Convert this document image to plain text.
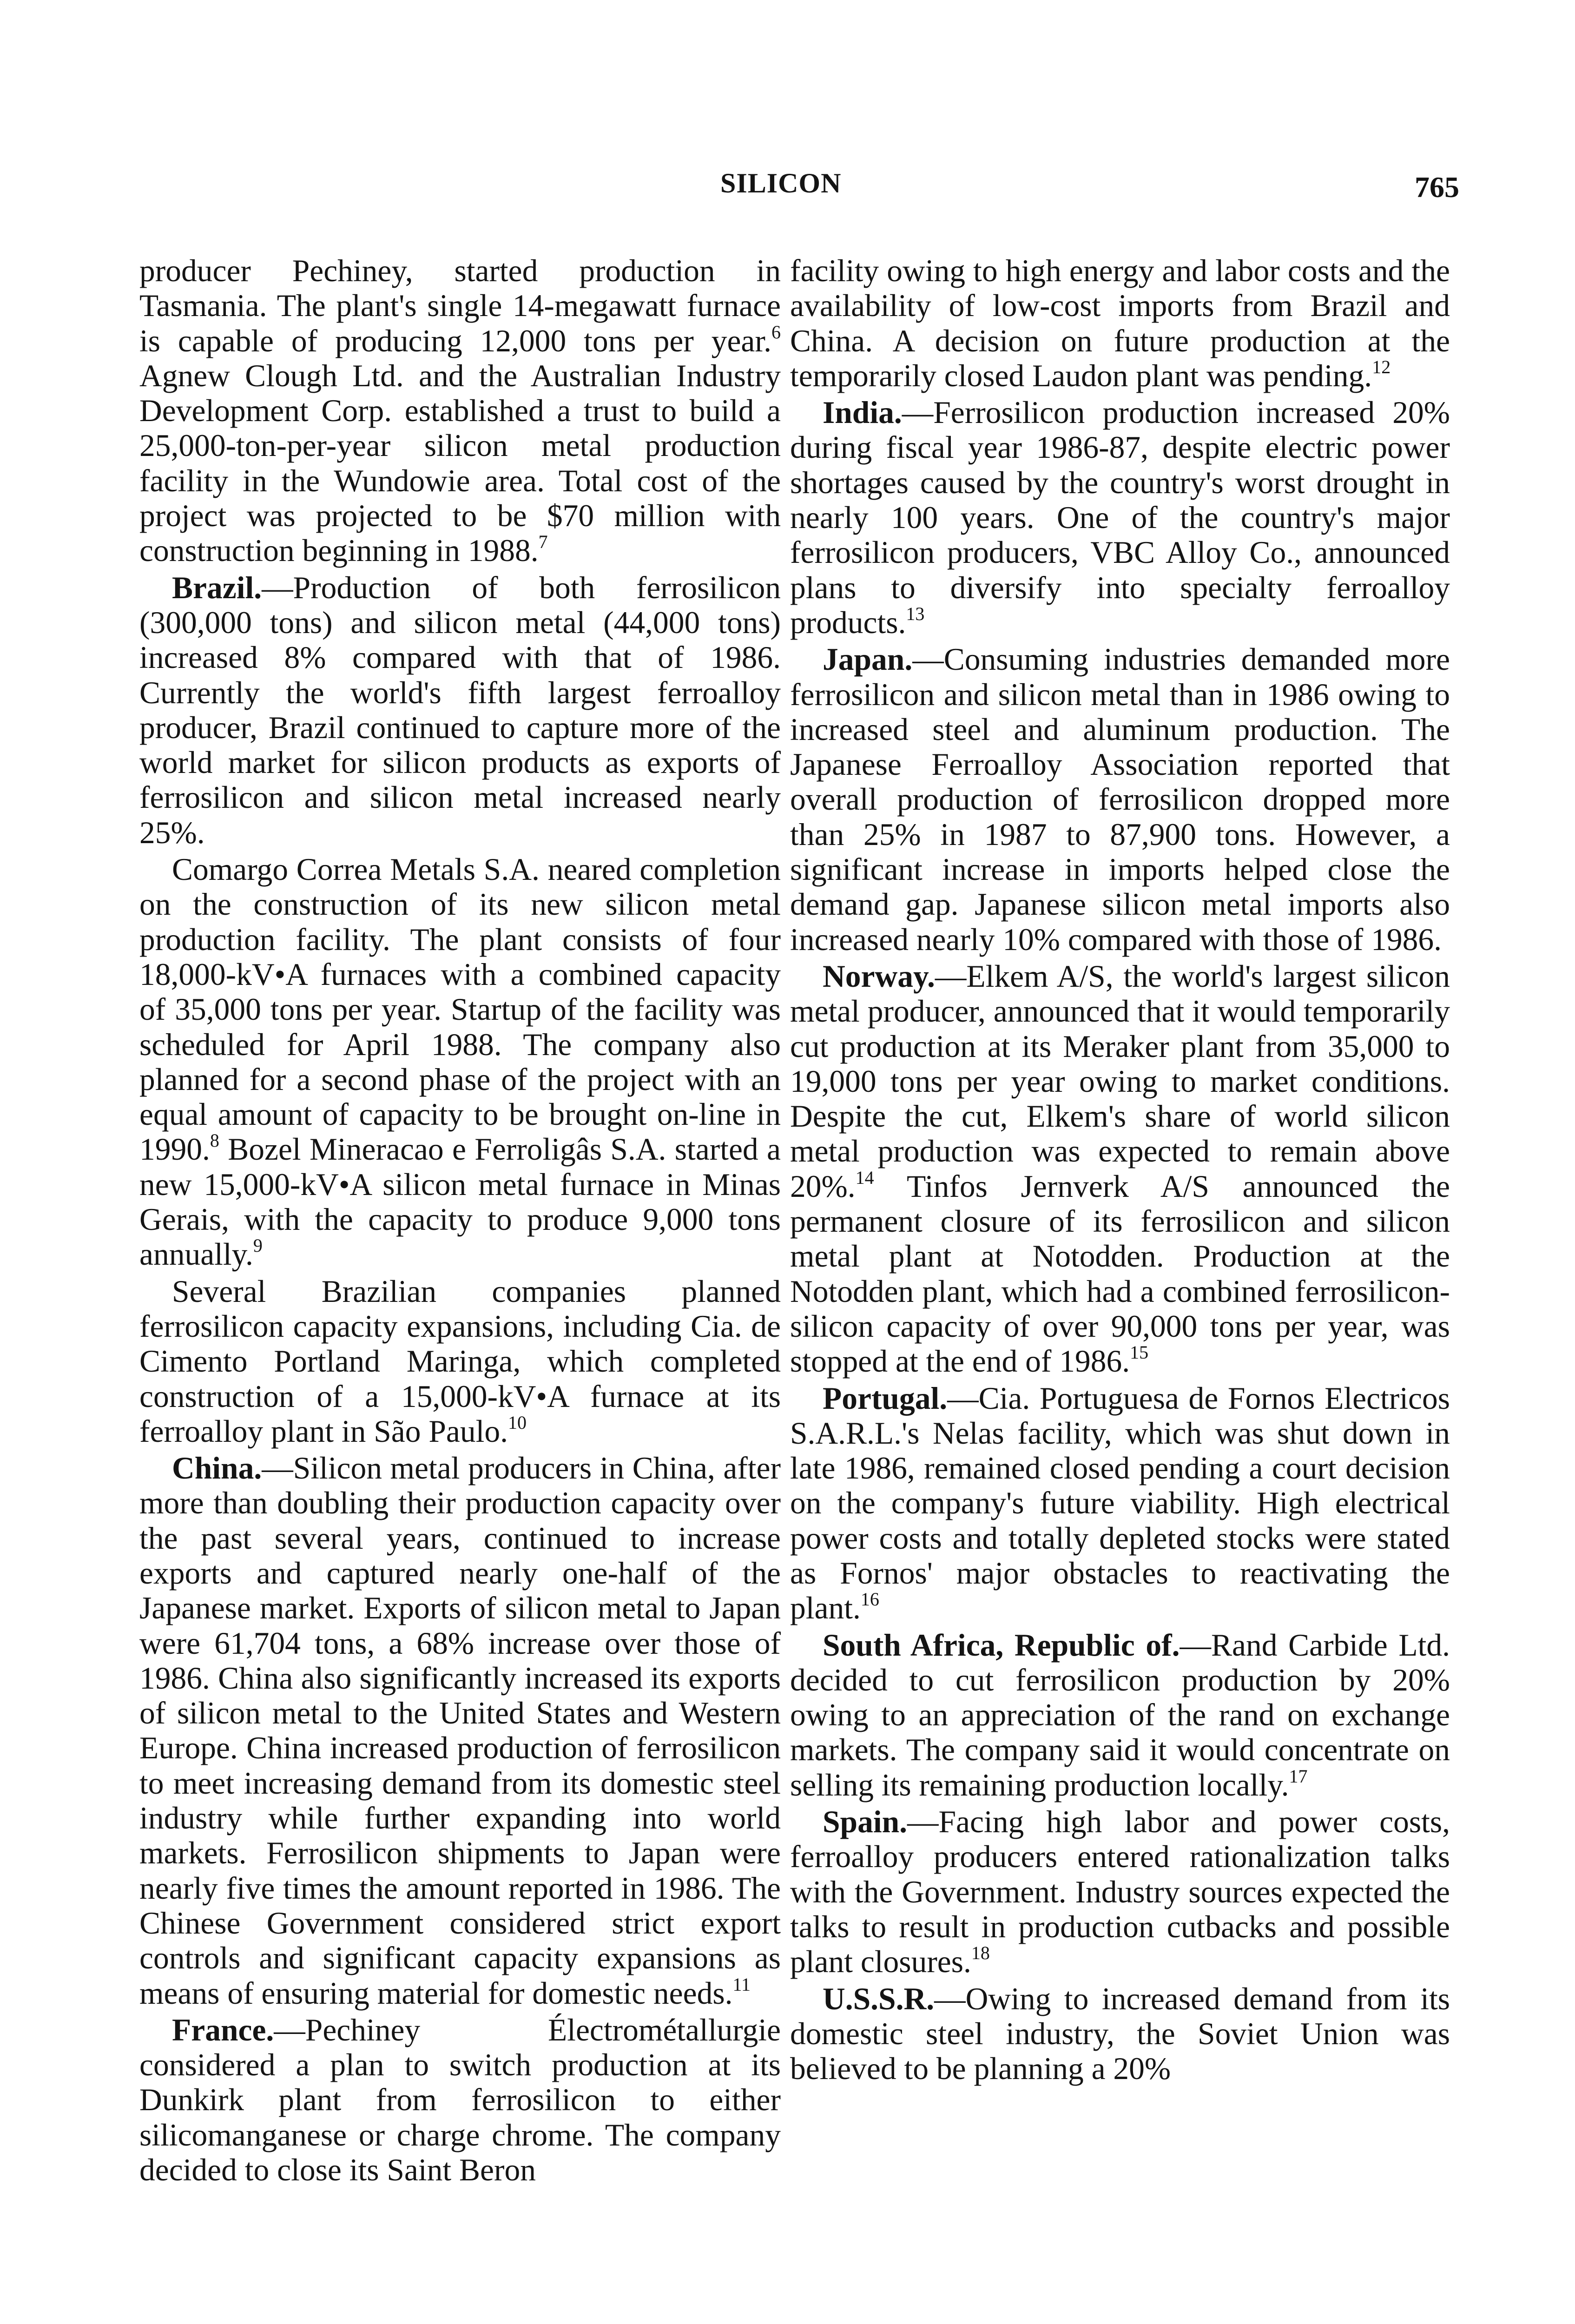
SILICON	765

producer Pechiney, started production in Tasmania. The plant's single 14-megawatt furnace is capable of producing 12,000 tons per year.$^6$ Agnew Clough Ltd. and the Australian Industry Development Corp. established a trust to build a 25,000-ton-per-year silicon metal production facility in the Wundowie area. Total cost of the project was projected to be $70 million with construction beginning in 1988.$^7$

Brazil.—Production of both ferrosilicon (300,000 tons) and silicon metal (44,000 tons) increased 8% compared with that of 1986. Currently the world's fifth largest ferroalloy producer, Brazil continued to capture more of the world market for silicon products as exports of ferrosilicon and silicon metal increased nearly 25%.

Comargo Correa Metals S.A. neared completion on the construction of its new silicon metal production facility. The plant consists of four 18,000-kV•A furnaces with a combined capacity of 35,000 tons per year. Startup of the facility was scheduled for April 1988. The company also planned for a second phase of the project with an equal amount of capacity to be brought on-line in 1990.$^8$ Bozel Mineracao e Ferroligâs S.A. started a new 15,000-kV•A silicon metal furnace in Minas Gerais, with the capacity to produce 9,000 tons annually.$^9$

Several Brazilian companies planned ferrosilicon capacity expansions, including Cia. de Cimento Portland Maringa, which completed construction of a 15,000-kV•A furnace at its ferroalloy plant in São Paulo.$^{10}$

China.—Silicon metal producers in China, after more than doubling their production capacity over the past several years, continued to increase exports and captured nearly one-half of the Japanese market. Exports of silicon metal to Japan were 61,704 tons, a 68% increase over those of 1986. China also significantly increased its exports of silicon metal to the United States and Western Europe. China increased production of ferrosilicon to meet increasing demand from its domestic steel industry while further expanding into world markets. Ferrosilicon shipments to Japan were nearly five times the amount reported in 1986. The Chinese Government considered strict export controls and significant capacity expansions as means of ensuring material for domestic needs.$^{11}$

France.—Pechiney Électrométallurgie considered a plan to switch production at its Dunkirk plant from ferrosilicon to either silicomanganese or charge chrome. The company decided to close its Saint Beron

facility owing to high energy and labor costs and the availability of low-cost imports from Brazil and China. A decision on future production at the temporarily closed Laudon plant was pending.$^{12}$

India.—Ferrosilicon production increased 20% during fiscal year 1986-87, despite electric power shortages caused by the country's worst drought in nearly 100 years. One of the country's major ferrosilicon producers, VBC Alloy Co., announced plans to diversify into specialty ferroalloy products.$^{13}$

Japan.—Consuming industries demanded more ferrosilicon and silicon metal than in 1986 owing to increased steel and aluminum production. The Japanese Ferroalloy Association reported that overall production of ferrosilicon dropped more than 25% in 1987 to 87,900 tons. However, a significant increase in imports helped close the demand gap. Japanese silicon metal imports also increased nearly 10% compared with those of 1986.

Norway.—Elkem A/S, the world's largest silicon metal producer, announced that it would temporarily cut production at its Meraker plant from 35,000 to 19,000 tons per year owing to market conditions. Despite the cut, Elkem's share of world silicon metal production was expected to remain above 20%.$^{14}$ Tinfos Jernverk A/S announced the permanent closure of its ferrosilicon and silicon metal plant at Notodden. Production at the Notodden plant, which had a combined ferrosilicon-silicon capacity of over 90,000 tons per year, was stopped at the end of 1986.15

Portugal.—Cia. Portuguesa de Fornos Electricos S.A.R.L.'s Nelas facility, which was shut down in late 1986, remained closed pending a court decision on the company's future viability. High electrical power costs and totally depleted stocks were stated as Fornos' major obstacles to reactivating the plant.$^{16}$

South Africa, Republic of.—Rand Carbide Ltd. decided to cut ferrosilicon production by 20% owing to an appreciation of the rand on exchange markets. The company said it would concentrate on selling its remaining production locally.$^{17}$

Spain.—Facing high labor and power costs, ferroalloy producers entered rationalization talks with the Government. Industry sources expected the talks to result in production cutbacks and possible plant closures.$^{18}$

U.S.S.R.—Owing to increased demand from its domestic steel industry, the Soviet Union was believed to be planning a 20%
